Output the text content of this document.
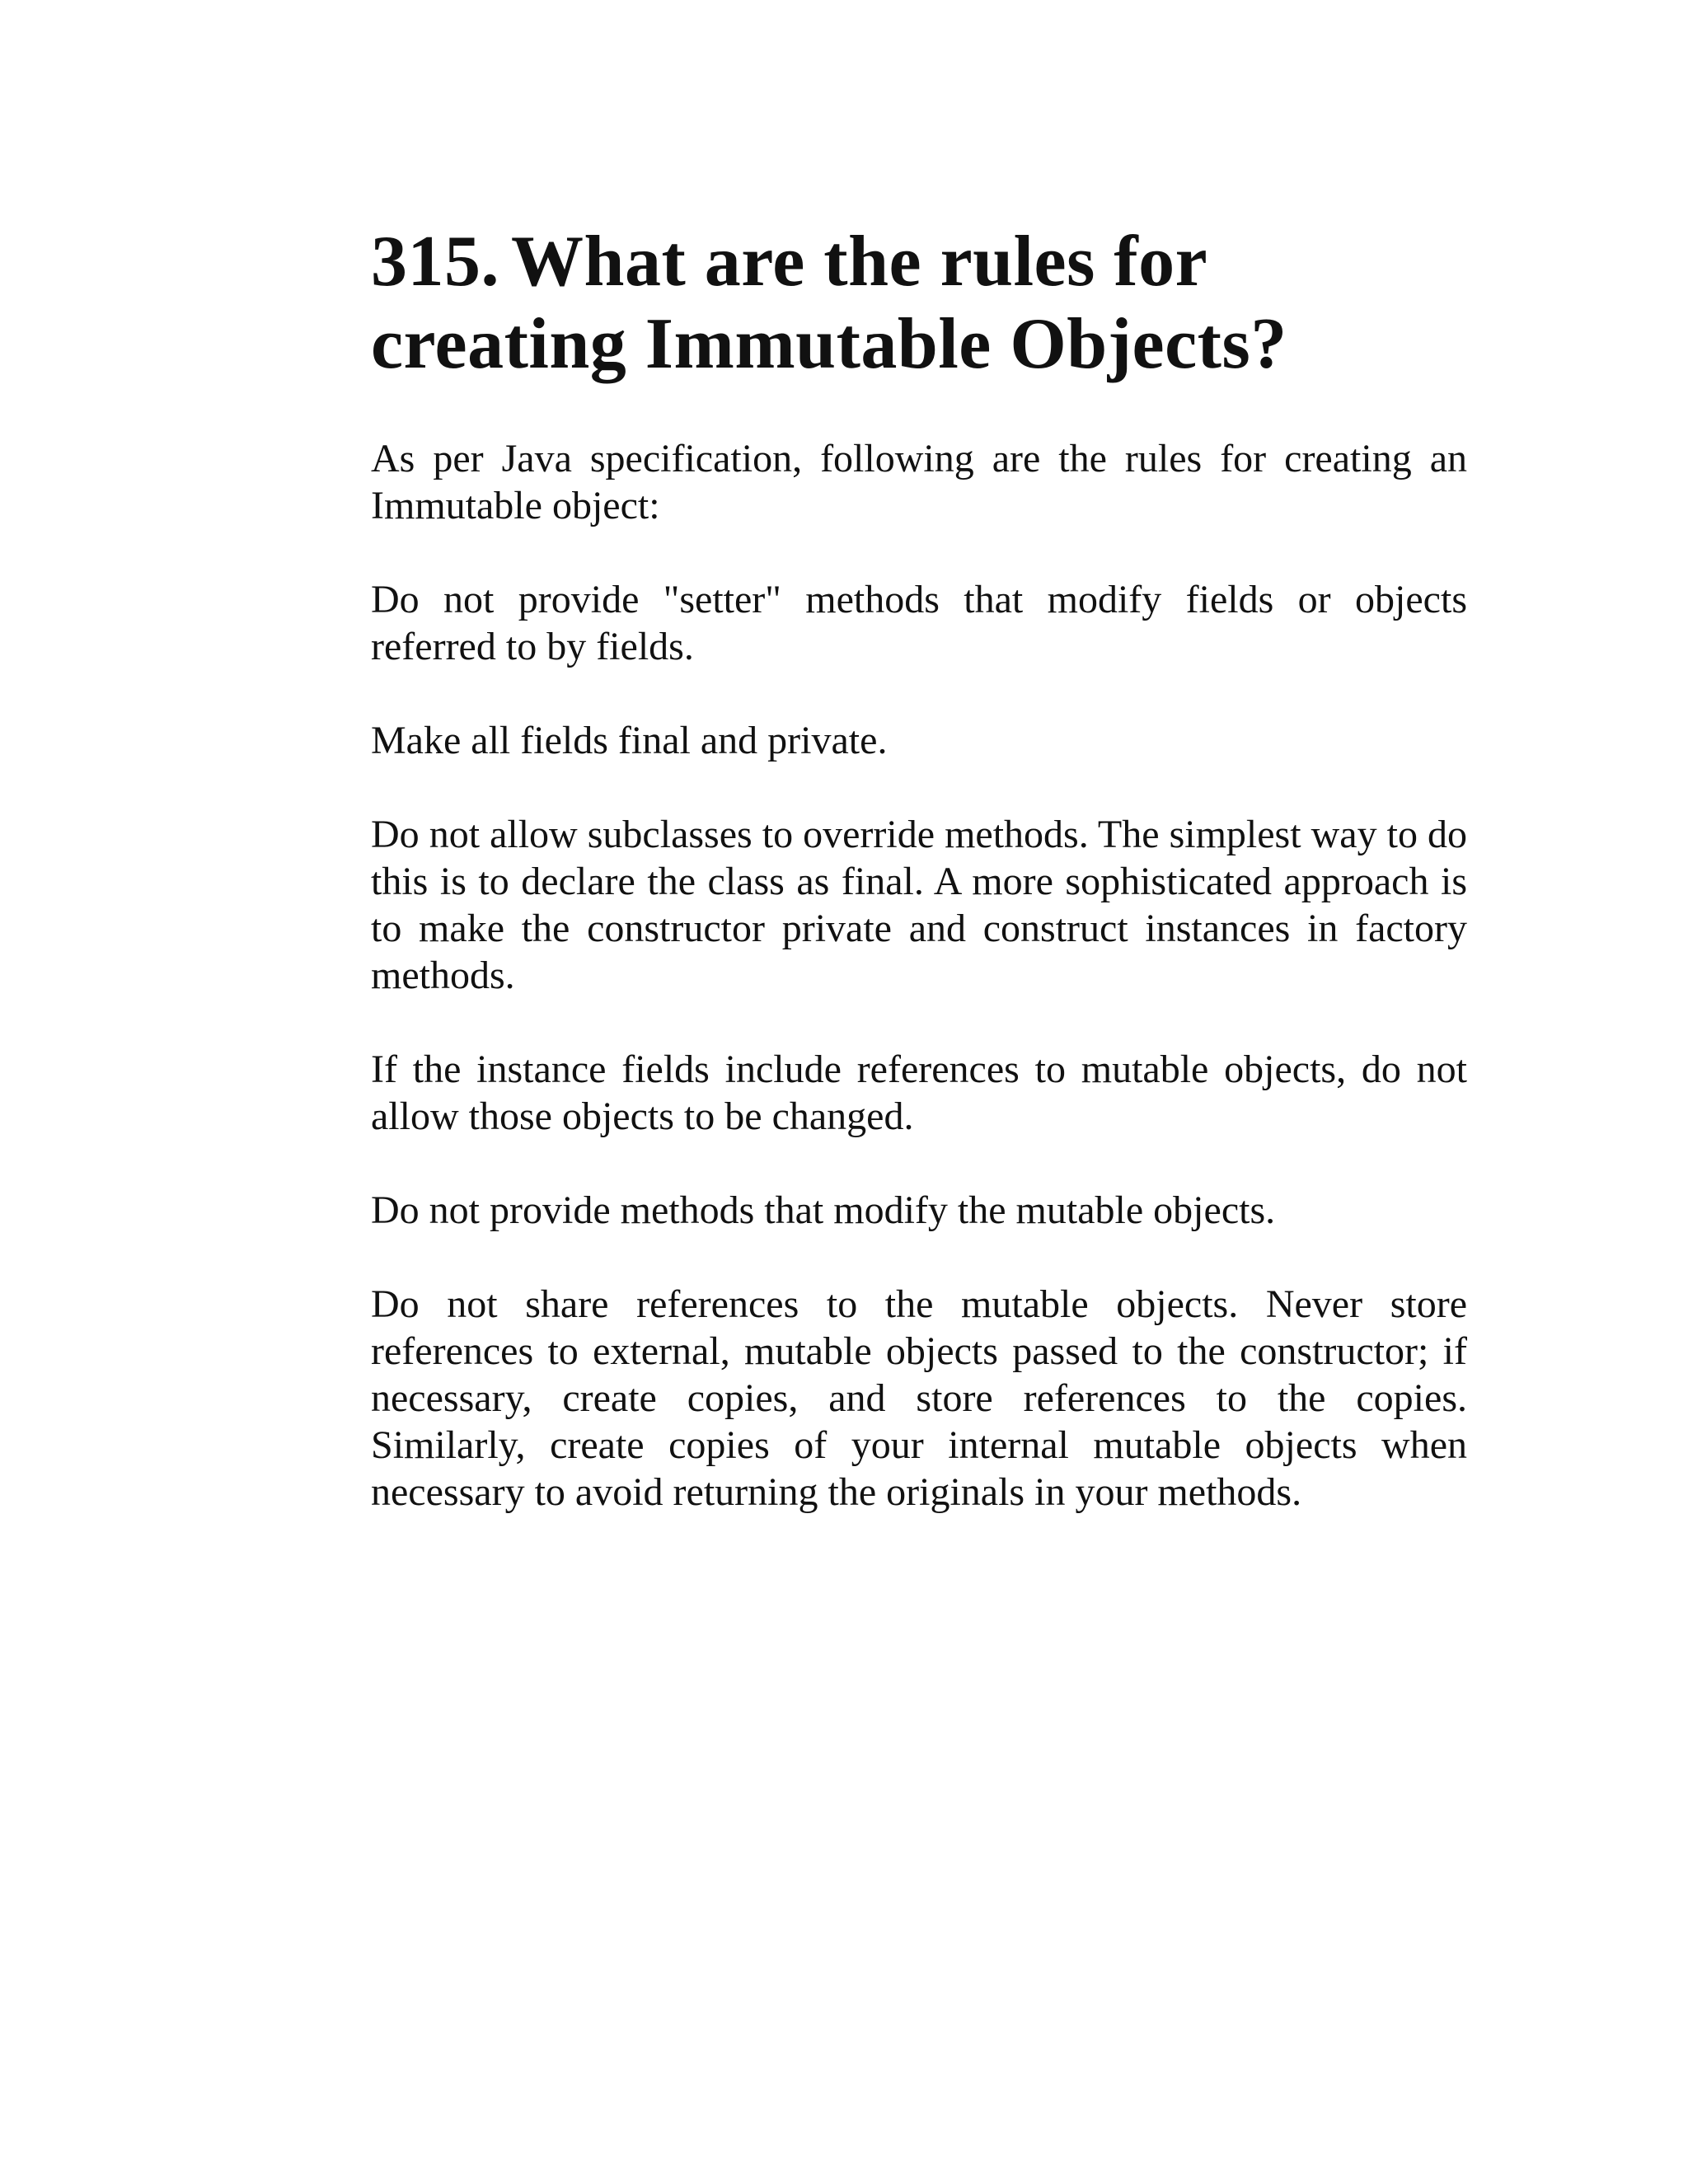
315. What are the rules for creating Immutable Objects?

As per Java specification, following are the rules for creating an Immutable object:

Do not provide "setter" methods that modify fields or objects referred to by fields.

Make all fields final and private.

Do not allow subclasses to override methods. The simplest way to do this is to declare the class as final. A more sophisticated approach is to make the constructor private and construct instances in factory methods.

If the instance fields include references to mutable objects, do not allow those objects to be changed.

Do not provide methods that modify the mutable objects.

Do not share references to the mutable objects. Never store references to external, mutable objects passed to the constructor; if necessary, create copies, and store references to the copies. Similarly, create copies of your internal mutable objects when necessary to avoid returning the originals in your methods.
